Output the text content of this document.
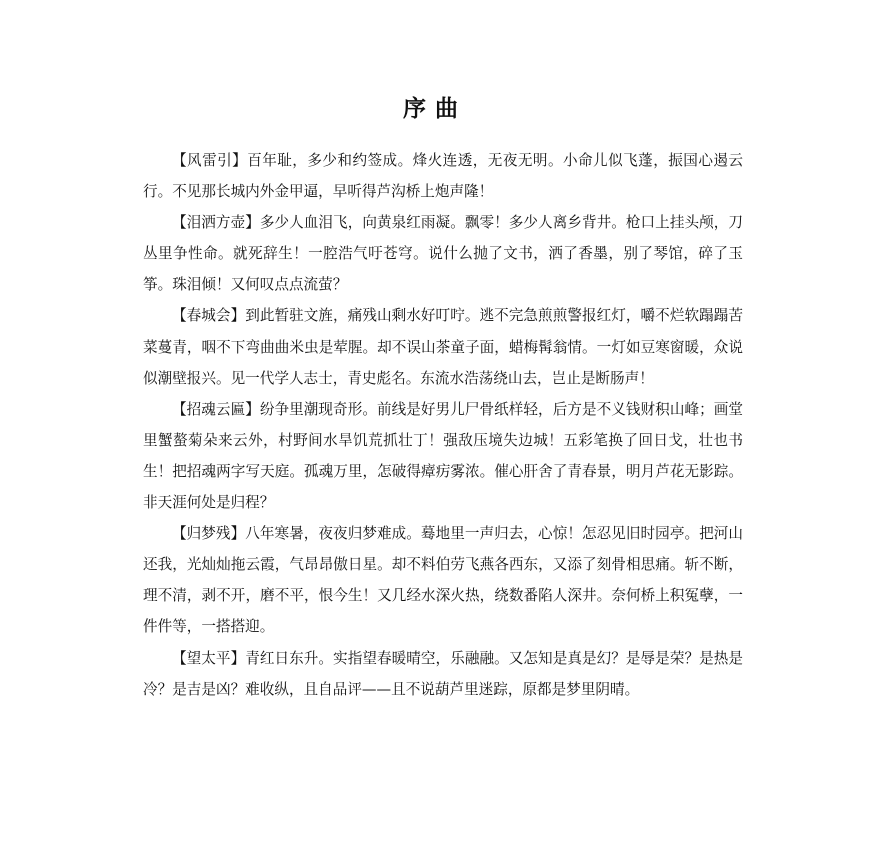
序曲

【风雷引】百年耻，多少和约签成。烽火连透，无夜无明。小命儿似飞蓬，振国心遏云行。不见那长城内外金甲逼，早听得芦沟桥上炮声隆！

【泪洒方壶】多少人血泪飞，向黄泉红雨凝。飘零！多少人离乡背井。枪口上挂头颅，刀丛里争性命。就死辞生！一腔浩气吁苍穹。说什么抛了文书，洒了香墨，别了琴馆，碎了玉筝。珠泪倾！又何叹点点流萤？

【春城会】到此暂驻文旌，痛残山剩水好叮咛。逃不完急煎煎警报红灯，嚼不烂软蹋蹋苦菜蔓青，咽不下弯曲曲米虫是荤腥。却不误山茶童子面，蜡梅髯翁情。一灯如豆寒窗暖，众说似潮壁报兴。见一代学人志士，青史彪名。东流水浩荡绕山去，岂止是断肠声！

【招魂云匾】纷争里潮现奇形。前线是好男儿尸骨纸样轻，后方是不义钱财积山峰；画堂里蟹螯菊朵来云外，村野间水旱饥荒抓壮丁！强敌压境失边城！五彩笔换了回日戈，壮也书生！把招魂两字写天庭。孤魂万里，怎破得瘴疠雾浓。催心肝舍了青春景，明月芦花无影踪。非天涯何处是归程？

【归梦残】八年寒暑，夜夜归梦难成。蓦地里一声归去，心惊！怎忍见旧时园亭。把河山还我，光灿灿拖云霞，气昂昂傲日星。却不料伯劳飞燕各西东，又添了刻骨相思痛。斩不断，理不清，剥不开，磨不平，恨今生！又几经水深火热，绕数番陷人深井。奈何桥上积冤孽，一件件等，一搭搭迎。

【望太平】青红日东升。实指望春暖晴空，乐融融。又怎知是真是幻？是辱是荣？是热是冷？是吉是凶？难收纵，且自品评——且不说葫芦里迷踪，原都是梦里阴晴。
